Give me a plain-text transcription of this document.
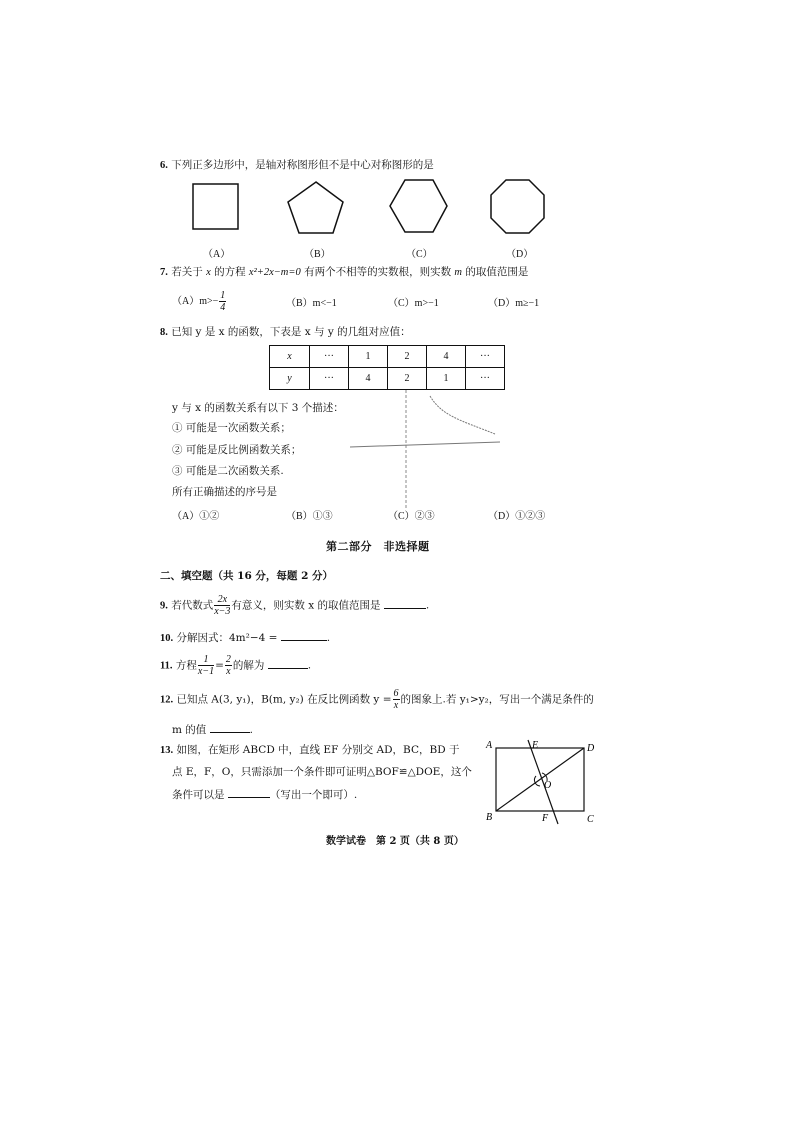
6. 下列正多边形中，是轴对称图形但不是中心对称图形的是
（A）	（B）	（C）	（D）
7. 若关于 x 的方程 x²+2x−m=0 有两个不相等的实数根，则实数 m 的取值范围是
$(A)m>- \frac{1}{4}$	（B）m<−1	（C）m>−1	（D）m≥−1
8. 已知 y 是 x 的函数，下表是 x 与 y 的几组对应值：
x	···	1	2	4	···
y	···	4	2	1	···
y 与 x 的函数关系有以下 3 个描述：
① 可能是一次函数关系；
② 可能是反比例函数关系；
③ 可能是二次函数关系.
所有正确描述的序号是
（A）①②	（B）①③	（C）②③	（D）①②③
第二部分　非选择题
二、填空题（共 16 分，每题 2 分）
9. 若代数式 $\frac{2x}{x-3}$ 有意义，则实数 x 的取值范围是	.
10. 分解因式：4m²−4 =	.
11. 方程 $\frac{1}{x-1} = \frac{2}{x}$ 的解为	.
12. 已知点 A(3, y₁)，B(m, y₂) 在反比例函数 $y = \frac{6}{x}$ 的图象上.若 y₁>y₂，写出一个满足条件的
m 的值	.
13. 如图，在矩形 ABCD 中，直线 EF 分别交 AD，BC，BD 于
点 E，F，O，只需添加一个条件即可证明△BOF≌△DOE，这个
条件可以是	（写出一个即可）.
A	D
B	C
E
F
O
数学试卷　第 2 页（共 8 页）
